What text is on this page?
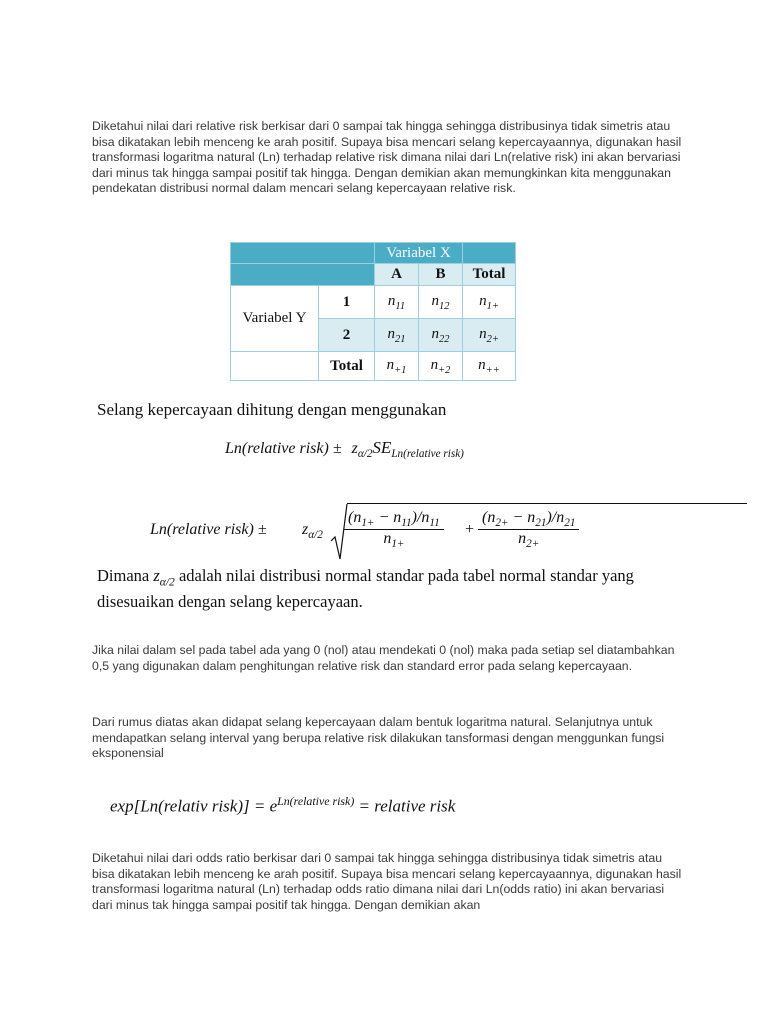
Diketahui nilai dari relative risk berkisar dari 0 sampai tak hingga sehingga distribusinya tidak simetris atau bisa dikatakan lebih menceng ke arah positif. Supaya bisa mencari selang kepercayaannya, digunakan hasil transformasi logaritma natural (Ln) terhadap relative risk dimana nilai dari Ln(relative risk) ini akan bervariasi dari minus tak hingga sampai positif tak hingga. Dengan demikian akan memungkinkan kita menggunakan pendekatan distribusi normal dalam mencari selang kepercayaan relative risk.
		Variabel X		
		A	B	Total
Variabel Y	1	$n_{11}$	$n_{12}$	$n_{1+}$
	2	$n_{21}$	$n_{22}$	$n_{2+}$
	Total	$n_{+1}$	$n_{+2}$	$n_{++}$
Selang kepercayaan dihitung dengan menggunakan
Ln(relative risk) ± $z_{\alpha/2}SE_{Ln(relative risk)}$
Ln(relative risk) ± $z_{\alpha/2} \frac{(n_{1+} - n_{11})/n_{11}}{n_{1+}} + \frac{(n_{2+} - n_{21})/n_{21}}{n_{2+}}$
Dimana $z_{\alpha/2}$ adalah nilai distribusi normal standar pada tabel normal standar yang
disesuaikan dengan selang kepercayaan.
Jika nilai dalam sel pada tabel ada yang 0 (nol) atau mendekati 0 (nol) maka pada setiap sel diatambahkan 0,5 yang digunakan dalam penghitungan relative risk dan standard error pada selang kepercayaan.
Dari rumus diatas akan didapat selang kepercayaan dalam bentuk logaritma natural. Selanjutnya untuk mendapatkan selang interval yang berupa relative risk dilakukan tansformasi dengan menggunkan fungsi eksponensial
exp[Ln(relativ risk)] = $e^{Ln(relative risk)}$ = relative risk
Diketahui nilai dari odds ratio berkisar dari 0 sampai tak hingga sehingga distribusinya tidak simetris atau bisa dikatakan lebih menceng ke arah positif. Supaya bisa mencari selang kepercayaannya, digunakan hasil transformasi logaritma natural (Ln) terhadap odds ratio dimana nilai dari Ln(odds ratio) ini akan bervariasi dari minus tak hingga sampai positif tak hingga. Dengan demikian akan
